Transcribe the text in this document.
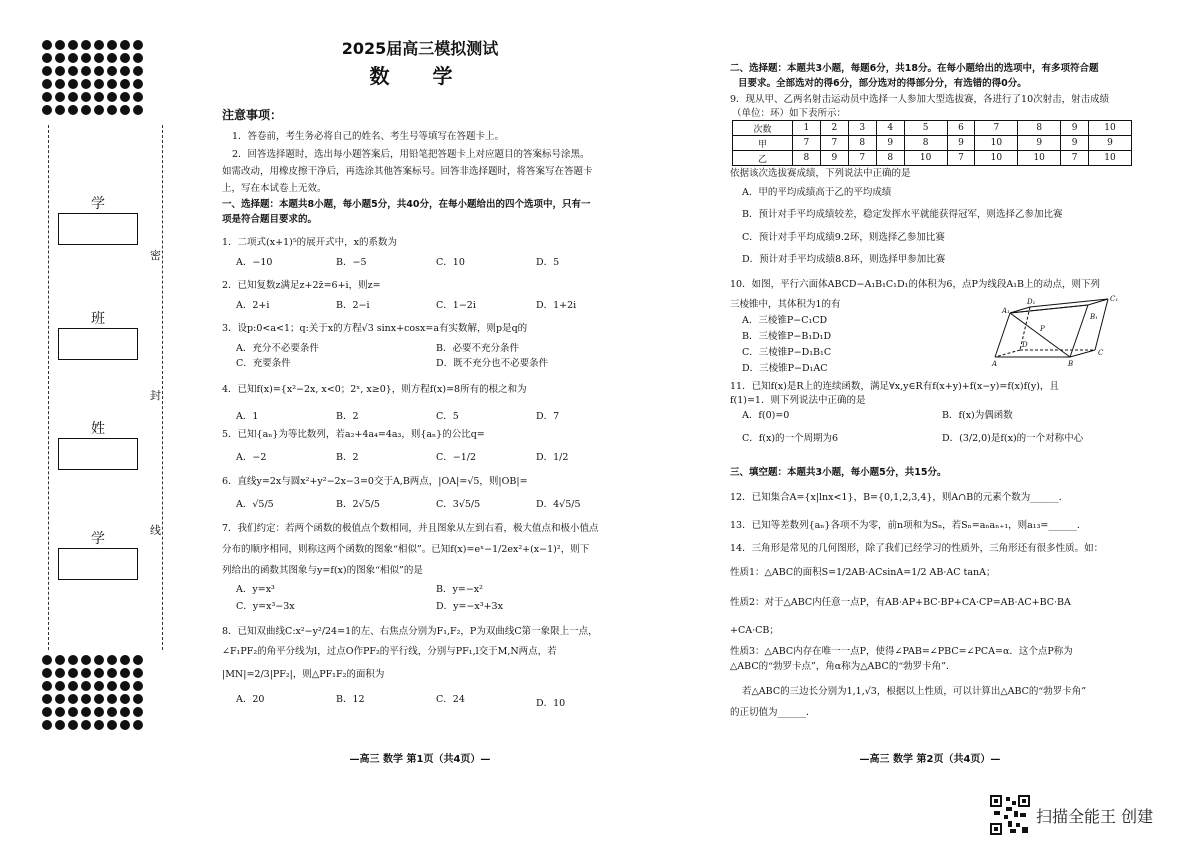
密
封
线
学
班
姓
学
2025届高三模拟测试
数 学
注意事项：
1．答卷前，考生务必将自己的姓名、考生号等填写在答题卡上。
2．回答选择题时，选出每小题答案后，用铅笔把答题卡上对应题目的答案标号涂黑。
如需改动，用橡皮擦干净后，再选涂其他答案标号。回答非选择题时，将答案写在答题卡
上，写在本试卷上无效。
一、选择题：本题共8小题，每小题5分，共40分，在每小题给出的四个选项中，只有一
项是符合题目要求的。
1．二项式(x+1)⁵的展开式中，x的系数为
A．−10	B．−5	C．10	D．5
2．已知复数z满足z+2z̄=6+i，则z=
A．2+i	B．2−i	C．1−2i	D．1+2i
3．设p:0<a<1；q:关于x的方程√3 sinx+cosx=a有实数解，则p是q的
A．充分不必要条件	B．必要不充分条件
C．充要条件	D．既不充分也不必要条件
4．已知f(x)={x²−2x, x<0；2ˣ, x≥0}，则方程f(x)=8所有的根之和为
A．1	B．2	C．5	D．7
5．已知{aₙ}为等比数列，若a₂+4a₄=4a₃，则{aₙ}的公比q=
A．−2	B．2	C．−1/2	D．1/2
6．直线y=2x与圆x²+y²−2x−3=0交于A,B两点，|OA|=√5，则|OB|=
A．√5/5	B．2√5/5	C．3√5/5	D．4√5/5
7．我们约定：若两个函数的极值点个数相同，并且图象从左到右看，极大值点和极小值点
分布的顺序相同，则称这两个函数的图象“相似”。已知f(x)=eˣ−1/2ex²+(x−1)²，则下
列给出的函数其图象与y=f(x)的图象“相似”的是
A．y=x³	B．y=−x²
C．y=x³−3x	D．y=−x³+3x
8．已知双曲线C:x²−y²/24=1的左、右焦点分别为F₁,F₂，P为双曲线C第一象限上一点，
∠F₁PF₂的角平分线为l，过点O作PF₂的平行线，分别与PF₁,l交于M,N两点，若
|MN|=2/3|PF₂|，则△PF₁F₂的面积为
A．20	B．12	C．24	D．10
—高三 数学 第1页（共4页）—
二、选择题：本题共3小题，每题6分，共18分。在每小题给出的选项中，有多项符合题
目要求。全部选对的得6分，部分选对的得部分分，有选错的得0分。
9．现从甲、乙两名射击运动员中选择一人参加大型选拔赛，各进行了10次射击，射击成绩
（单位：环）如下表所示：
次数	1	2	3	4	5	6	7	8	9	10
甲	7	7	8	9	8	9	10	9	9	9
乙	8	9	7	8	10	7	10	10	7	10
依据该次选拔赛成绩，下列说法中正确的是
A．甲的平均成绩高于乙的平均成绩
B．预计对手平均成绩较差，稳定发挥水平就能获得冠军，则选择乙参加比赛
C．预计对手平均成绩9.2环，则选择乙参加比赛
D．预计对手平均成绩8.8环，则选择甲参加比赛
10．如图，平行六面体ABCD−A₁B₁C₁D₁的体积为6，点P为线段A₁B上的动点，则下列
三棱锥中，其体积为1的有
A．三棱锥P−C₁CD
B．三棱锥P−B₁D₁D
C．三棱锥P−D₁B₁C
D．三棱锥P−D₁AC
A₁
D₁	C₁
B₁
P
D
A	B
C
11．已知f(x)是R上的连续函数，满足∀x,y∈R有f(x+y)+f(x−y)=f(x)f(y)，且
f(1)=1．则下列说法中正确的是
A．f(0)=0	B．f(x)为偶函数
C．f(x)的一个周期为6	D．(3/2,0)是f(x)的一个对称中心
三、填空题：本题共3小题，每小题5分，共15分。
12．已知集合A={x|lnx<1}，B={0,1,2,3,4}，则A∩B的元素个数为______．
13．已知等差数列{aₙ}各项不为零，前n项和为Sₙ，若Sₙ=aₙaₙ₊₁，则a₁₃=______．
14．三角形是常见的几何图形，除了我们已经学习的性质外，三角形还有很多性质。如：
性质1：△ABC的面积S=1/2AB·ACsinA=1/2 AB·AC tanA；
性质2：对于△ABC内任意一点P，有AB·AP+BC·BP+CA·CP=AB·AC+BC·BA
+CA·CB；
性质3：△ABC内存在唯一一点P，使得∠PAB=∠PBC=∠PCA=α．这个点P称为
△ABC的“勃罗卡点”，角α称为△ABC的“勃罗卡角”．
若△ABC的三边长分别为1,1,√3，根据以上性质，可以计算出△ABC的“勃罗卡角”
的正切值为______．
—高三 数学 第2页（共4页）—
扫描全能王 创建
